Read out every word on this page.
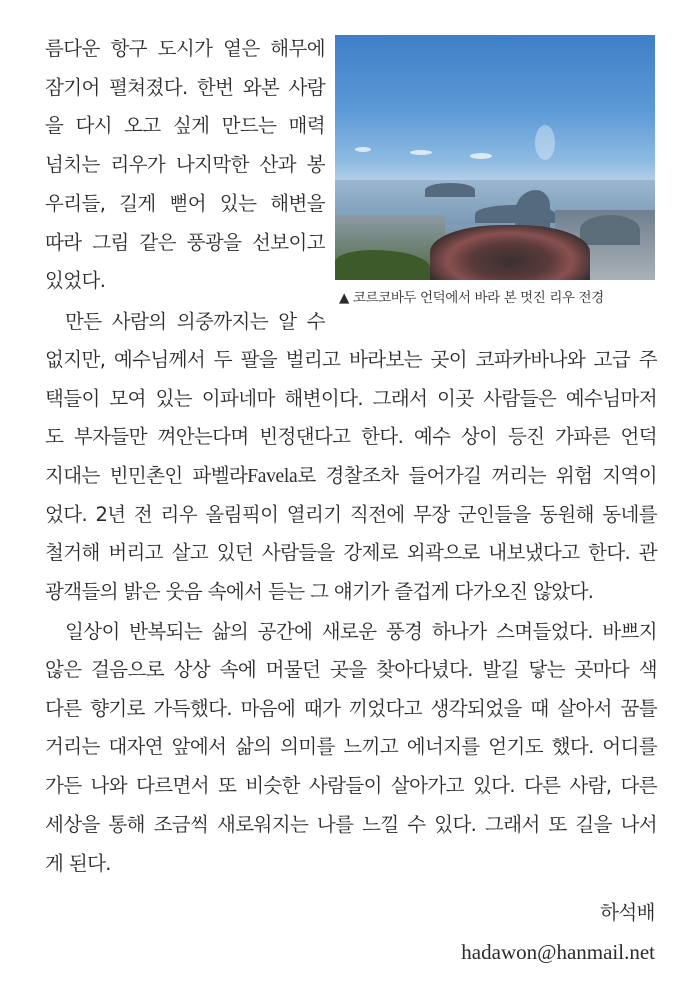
름다운 항구 도시가 옅은 해무에
잠기어 펼쳐졌다. 한번 와본 사람
을 다시 오고 싶게 만드는 매력
넘치는 리우가 나지막한 산과 봉
우리들, 길게 뻗어 있는 해변을
따라 그림 같은 풍광을 선보이고
있었다.
만든 사람의 의중까지는 알 수
▲ 코르코바두 언덕에서 바라 본 멋진 리우 전경
없지만, 예수님께서 두 팔을 벌리고 바라보는 곳이 코파카바나와 고급 주
택들이 모여 있는 이파네마 해변이다. 그래서 이곳 사람들은 예수님마저
도 부자들만 껴안는다며 빈정댄다고 한다. 예수 상이 등진 가파른 언덕
지대는 빈민촌인 파벨라Favela로 경찰조차 들어가길 꺼리는 위험 지역이
었다. 2년 전 리우 올림픽이 열리기 직전에 무장 군인들을 동원해 동네를
철거해 버리고 살고 있던 사람들을 강제로 외곽으로 내보냈다고 한다. 관
광객들의 밝은 웃음 속에서 듣는 그 얘기가 즐겁게 다가오진 않았다.
일상이 반복되는 삶의 공간에 새로운 풍경 하나가 스며들었다. 바쁘지
않은 걸음으로 상상 속에 머물던 곳을 찾아다녔다. 발길 닿는 곳마다 색
다른 향기로 가득했다. 마음에 때가 끼었다고 생각되었을 때 살아서 꿈틀
거리는 대자연 앞에서 삶의 의미를 느끼고 에너지를 얻기도 했다. 어디를
가든 나와 다르면서 또 비슷한 사람들이 살아가고 있다. 다른 사람, 다른
세상을 통해 조금씩 새로워지는 나를 느낄 수 있다. 그래서 또 길을 나서
게 된다.
하석배
hadawon@hanmail.net
